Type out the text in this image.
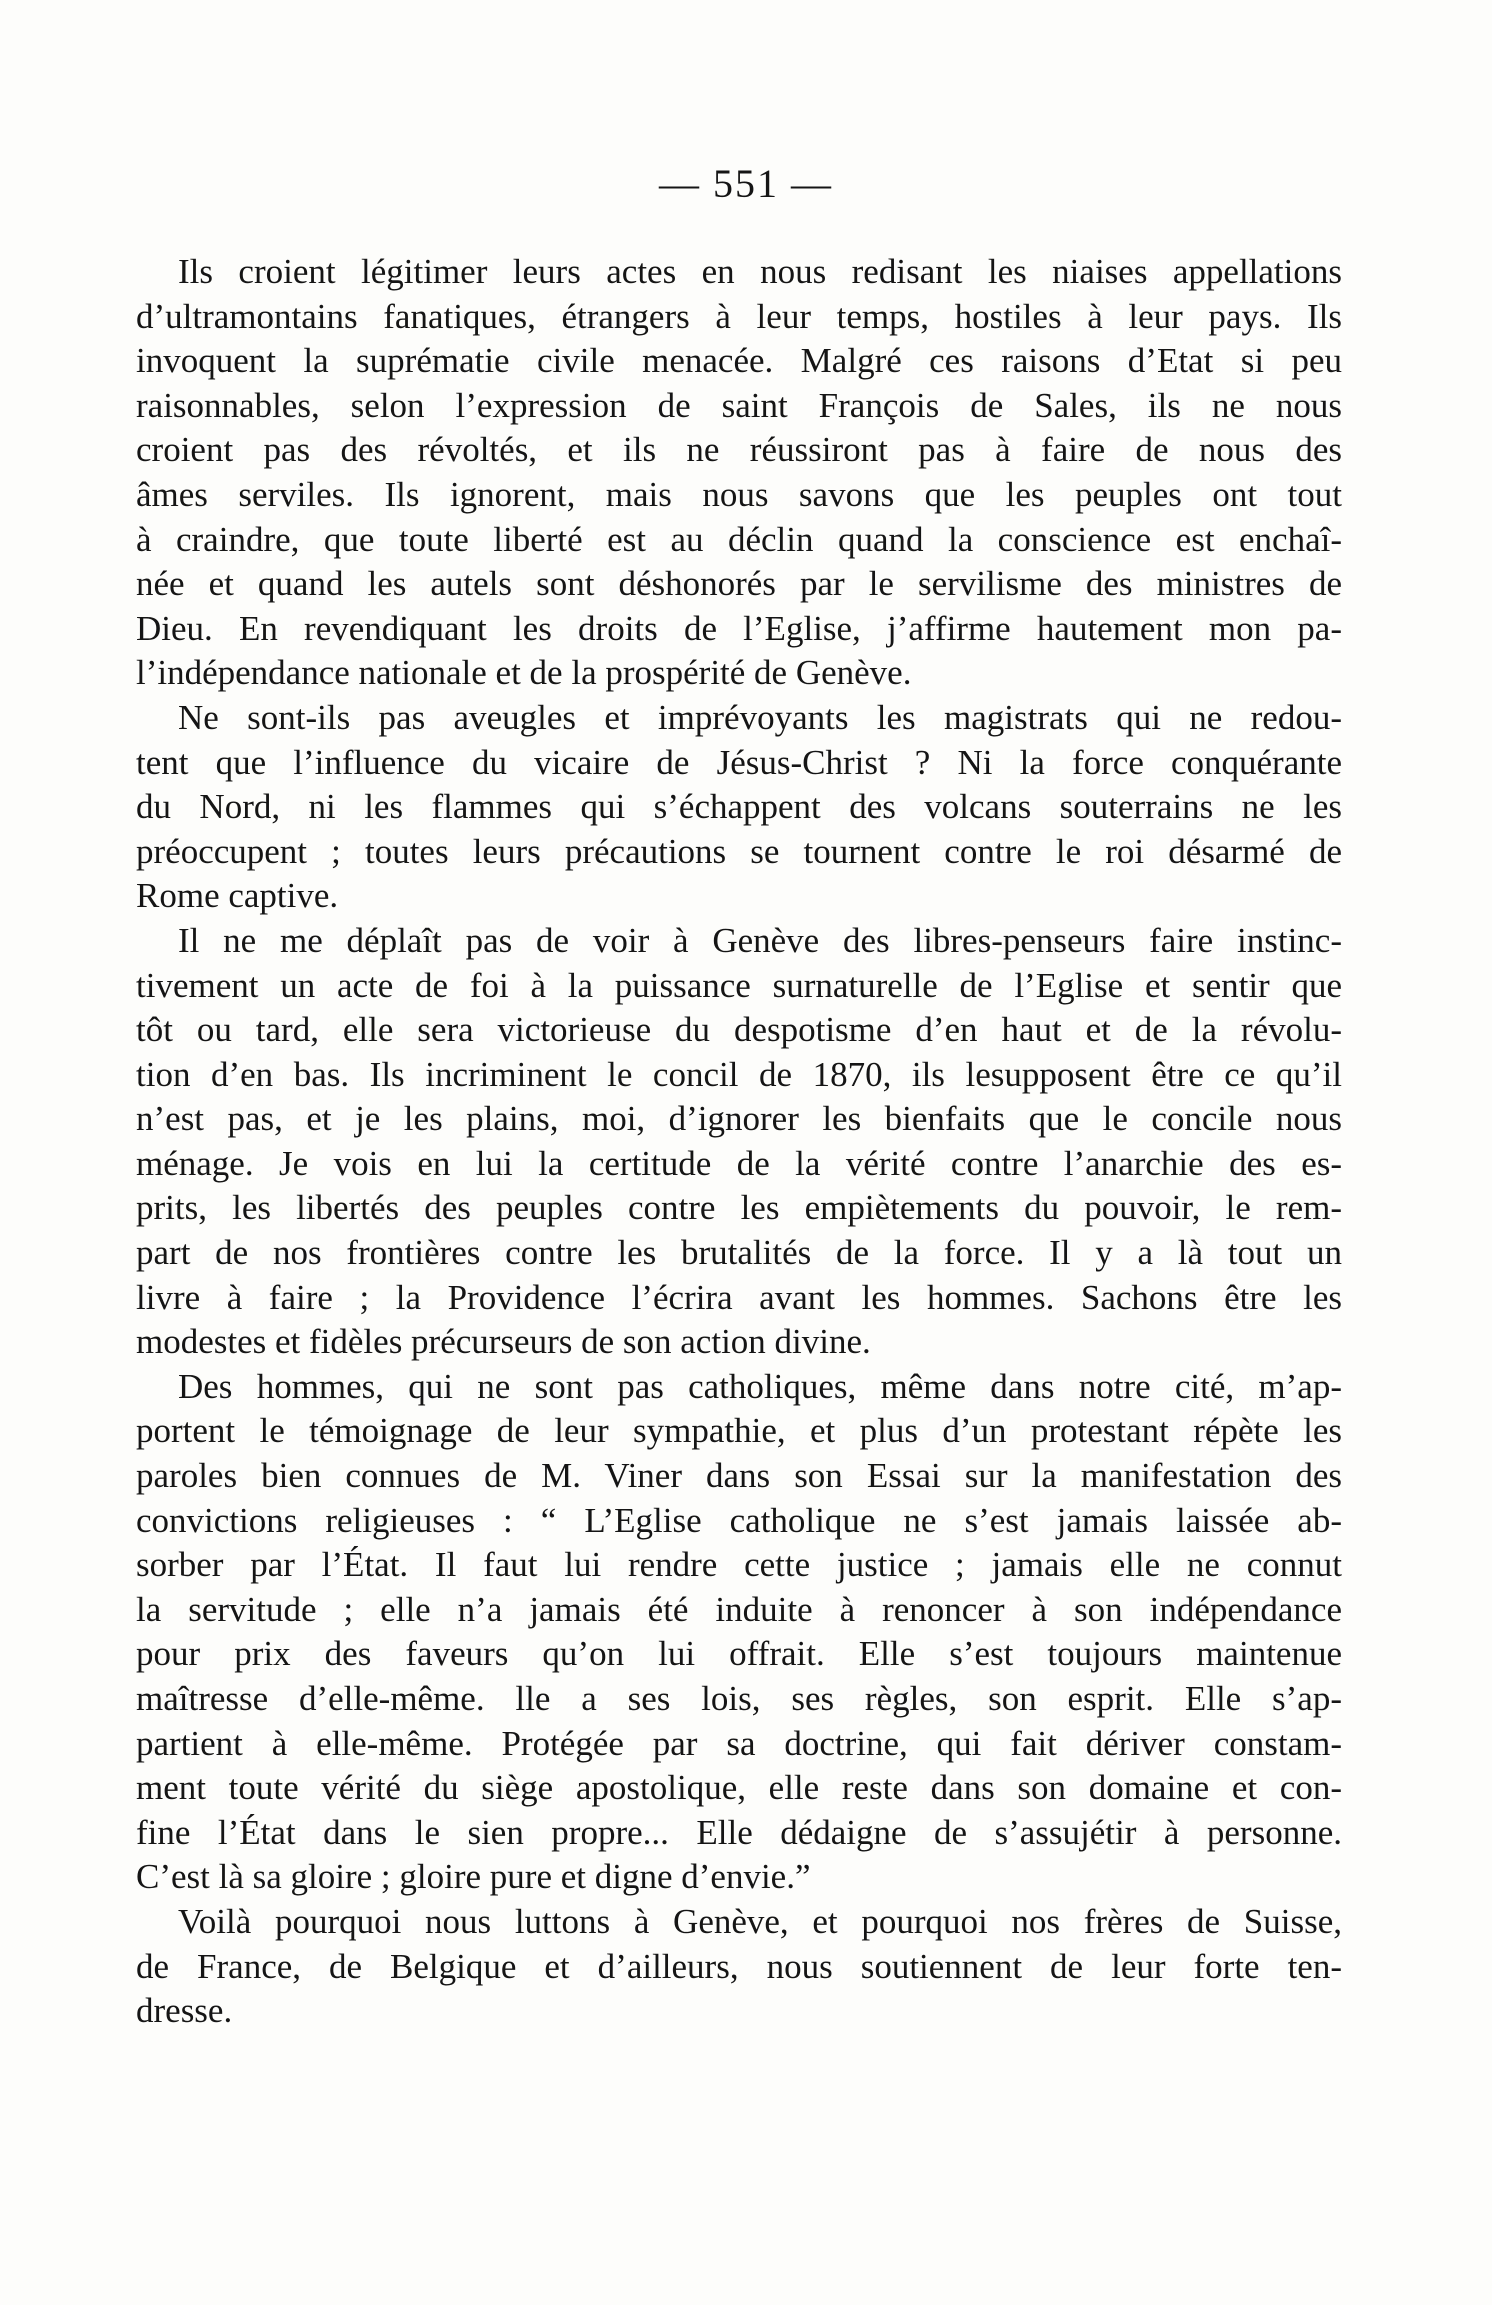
— 551 —
Ils croient légitimer leurs actes en nous redisant les niaises appellations
d’ultramontains fanatiques, étrangers à leur temps, hostiles à leur pays. Ils
invoquent la suprématie civile menacée. Malgré ces raisons d’Etat si peu
raisonnables, selon l’expression de saint François de Sales, ils ne nous
croient pas des révoltés, et ils ne réussiront pas à faire de nous des
âmes serviles. Ils ignorent, mais nous savons que les peuples ont tout
à craindre, que toute liberté est au déclin quand la conscience est enchaî-
née et quand les autels sont déshonorés par le servilisme des ministres de
Dieu. En revendiquant les droits de l’Eglise, j’affirme hautement mon pa-
l’indépendance nationale et de la prospérité de Genève.
Ne sont-ils pas aveugles et imprévoyants les magistrats qui ne redou-
tent que l’influence du vicaire de Jésus-Christ ? Ni la force conquérante
du Nord, ni les flammes qui s’échappent des volcans souterrains ne les
préoccupent ; toutes leurs précautions se tournent contre le roi désarmé de
Rome captive.
Il ne me déplaît pas de voir à Genève des libres-penseurs faire instinc-
tivement un acte de foi à la puissance surnaturelle de l’Eglise et sentir que
tôt ou tard, elle sera victorieuse du despotisme d’en haut et de la révolu-
tion d’en bas. Ils incriminent le concil de 1870, ils lesupposent être ce qu’il
n’est pas, et je les plains, moi, d’ignorer les bienfaits que le concile nous
ménage. Je vois en lui la certitude de la vérité contre l’anarchie des es-
prits, les libertés des peuples contre les empiètements du pouvoir, le rem-
part de nos frontières contre les brutalités de la force. Il y a là tout un
livre à faire ; la Providence l’écrira avant les hommes. Sachons être les
modestes et fidèles précurseurs de son action divine.
Des hommes, qui ne sont pas catholiques, même dans notre cité, m’ap-
portent le témoignage de leur sympathie, et plus d’un protestant répète les
paroles bien connues de M. Viner dans son Essai sur la manifestation des
convictions religieuses : “ L’Eglise catholique ne s’est jamais laissée ab-
sorber par l’État. Il faut lui rendre cette justice ; jamais elle ne connut
la servitude ; elle n’a jamais été induite à renoncer à son indépendance
pour prix des faveurs qu’on lui offrait. Elle s’est toujours maintenue
maîtresse d’elle-même. lle a ses lois, ses règles, son esprit. Elle s’ap-
partient à elle-même. Protégée par sa doctrine, qui fait dériver constam-
ment toute vérité du siège apostolique, elle reste dans son domaine et con-
fine l’État dans le sien propre... Elle dédaigne de s’assujétir à personne.
C’est là sa gloire ; gloire pure et digne d’envie.”
Voilà pourquoi nous luttons à Genève, et pourquoi nos frères de Suisse,
de France, de Belgique et d’ailleurs, nous soutiennent de leur forte ten-
dresse.
